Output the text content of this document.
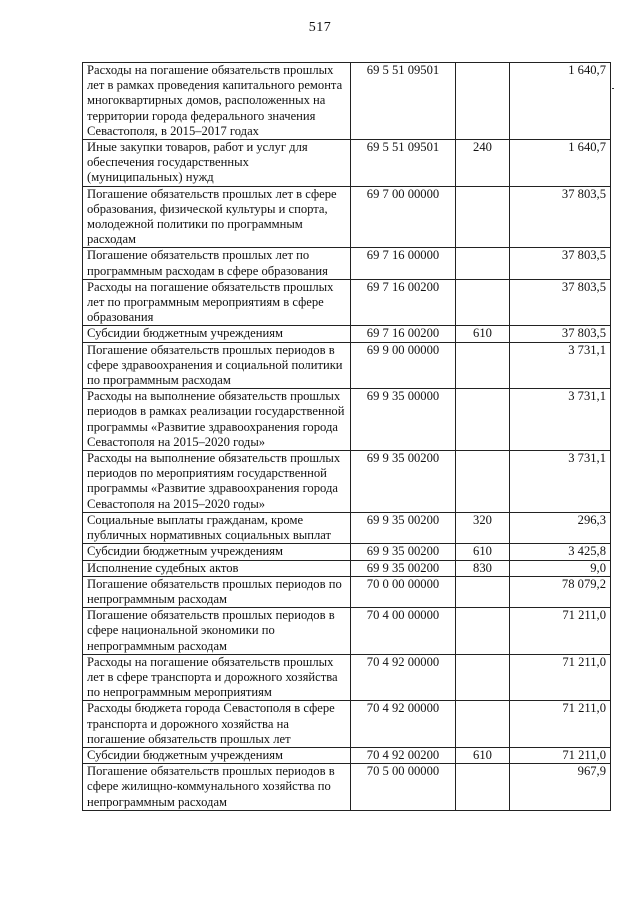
517
Расходы на погашение обязательств прошлых лет в рамках проведения капитального ремонта многоквартирных домов, расположенных на территории города федерального значения Севастополя, в 2015–2017 годах	69 5 51 09501		1 640,7
Иные закупки товаров, работ и услуг для обеспечения государственных (муниципальных) нужд	69 5 51 09501	240	1 640,7
Погашение обязательств прошлых лет в сфере образования, физической культуры и спорта, молодежной политики по программным расходам	69 7 00 00000		37 803,5
Погашение обязательств прошлых лет по программным расходам в сфере образования	69 7 16 00000		37 803,5
Расходы на погашение обязательств прошлых лет по программным мероприятиям в сфере образования	69 7 16 00200		37 803,5
Субсидии бюджетным учреждениям	69 7 16 00200	610	37 803,5
Погашение обязательств прошлых периодов в сфере здравоохранения и социальной политики по программным расходам	69 9 00 00000		3 731,1
Расходы на выполнение обязательств прошлых периодов в рамках реализации государственной программы «Развитие здравоохранения города Севастополя на 2015–2020 годы»	69 9 35 00000		3 731,1
Расходы на выполнение обязательств прошлых периодов по мероприятиям государственной программы «Развитие здравоохранения города Севастополя на 2015–2020 годы»	69 9 35 00200		3 731,1
Социальные выплаты гражданам, кроме публичных нормативных социальных выплат	69 9 35 00200	320	296,3
Субсидии бюджетным учреждениям	69 9 35 00200	610	3 425,8
Исполнение судебных актов	69 9 35 00200	830	9,0
Погашение обязательств прошлых периодов по непрограммным расходам	70 0 00 00000		78 079,2
Погашение обязательств прошлых периодов в сфере национальной экономики по непрограммным расходам	70 4 00 00000		71 211,0
Расходы на погашение обязательств прошлых лет в сфере транспорта и дорожного хозяйства по непрограммным мероприятиям	70 4 92 00000		71 211,0
Расходы бюджета города Севастополя в сфере транспорта и дорожного хозяйства на погашение обязательств прошлых лет	70 4 92 00000		71 211,0
Субсидии бюджетным учреждениям	70 4 92 00200	610	71 211,0
Погашение обязательств прошлых периодов в сфере жилищно-коммунального хозяйства по непрограммным расходам	70 5 00 00000		967,9
